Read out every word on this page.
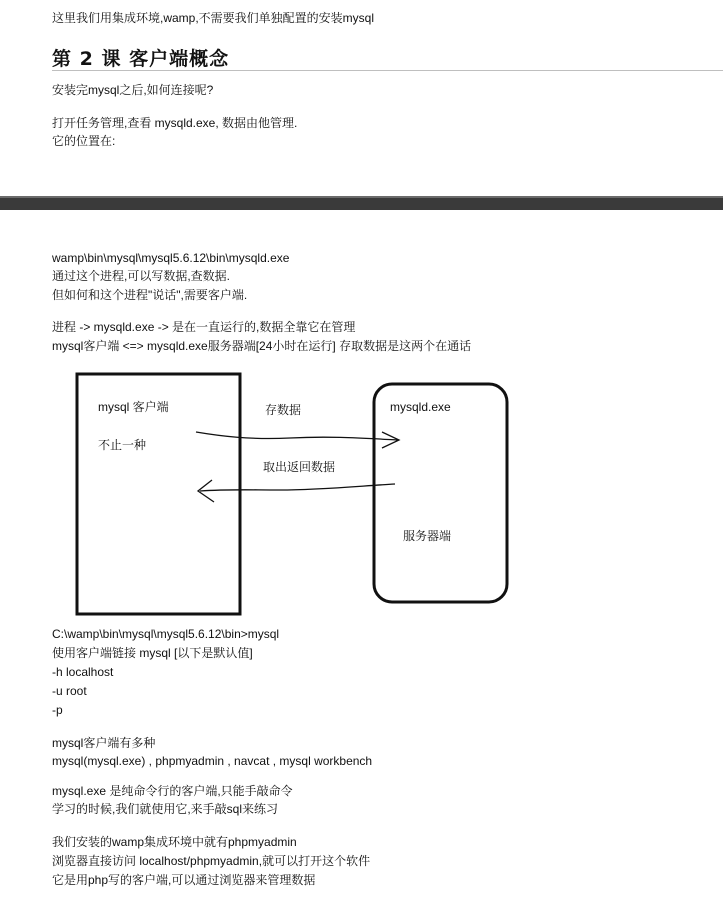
这里我们用集成环境,wamp,不需要我们单独配置的安装mysql
第 2 课 客户端概念
安装完mysql之后,如何连接呢?
打开任务管理,查看 mysqld.exe, 数据由他管理.
它的位置在:
wamp\bin\mysql\mysql5.6.12\bin\mysqld.exe
通过这个进程,可以写数据,查数据.
但如何和这个进程"说话",需要客户端.
进程 -> mysqld.exe -> 是在一直运行的,数据全靠它在管理
mysql客户端 <=> mysqld.exe服务器端[24小时在运行] 存取数据是这两个在通话
mysql 客户端
不止一种
存数据
取出返回数据
mysqld.exe
服务器端
C:\wamp\bin\mysql\mysql5.6.12\bin>mysql
使用客户端链接 mysql [以下是默认值]
-h localhost
-u root
-p
mysql客户端有多种
mysql(mysql.exe) , phpmyadmin , navcat , mysql workbench
mysql.exe 是纯命令行的客户端,只能手敲命令
学习的时候,我们就使用它,来手敲sql来练习
我们安装的wamp集成环境中就有phpmyadmin
浏览器直接访问 localhost/phpmyadmin,就可以打开这个软件
它是用php写的客户端,可以通过浏览器来管理数据
